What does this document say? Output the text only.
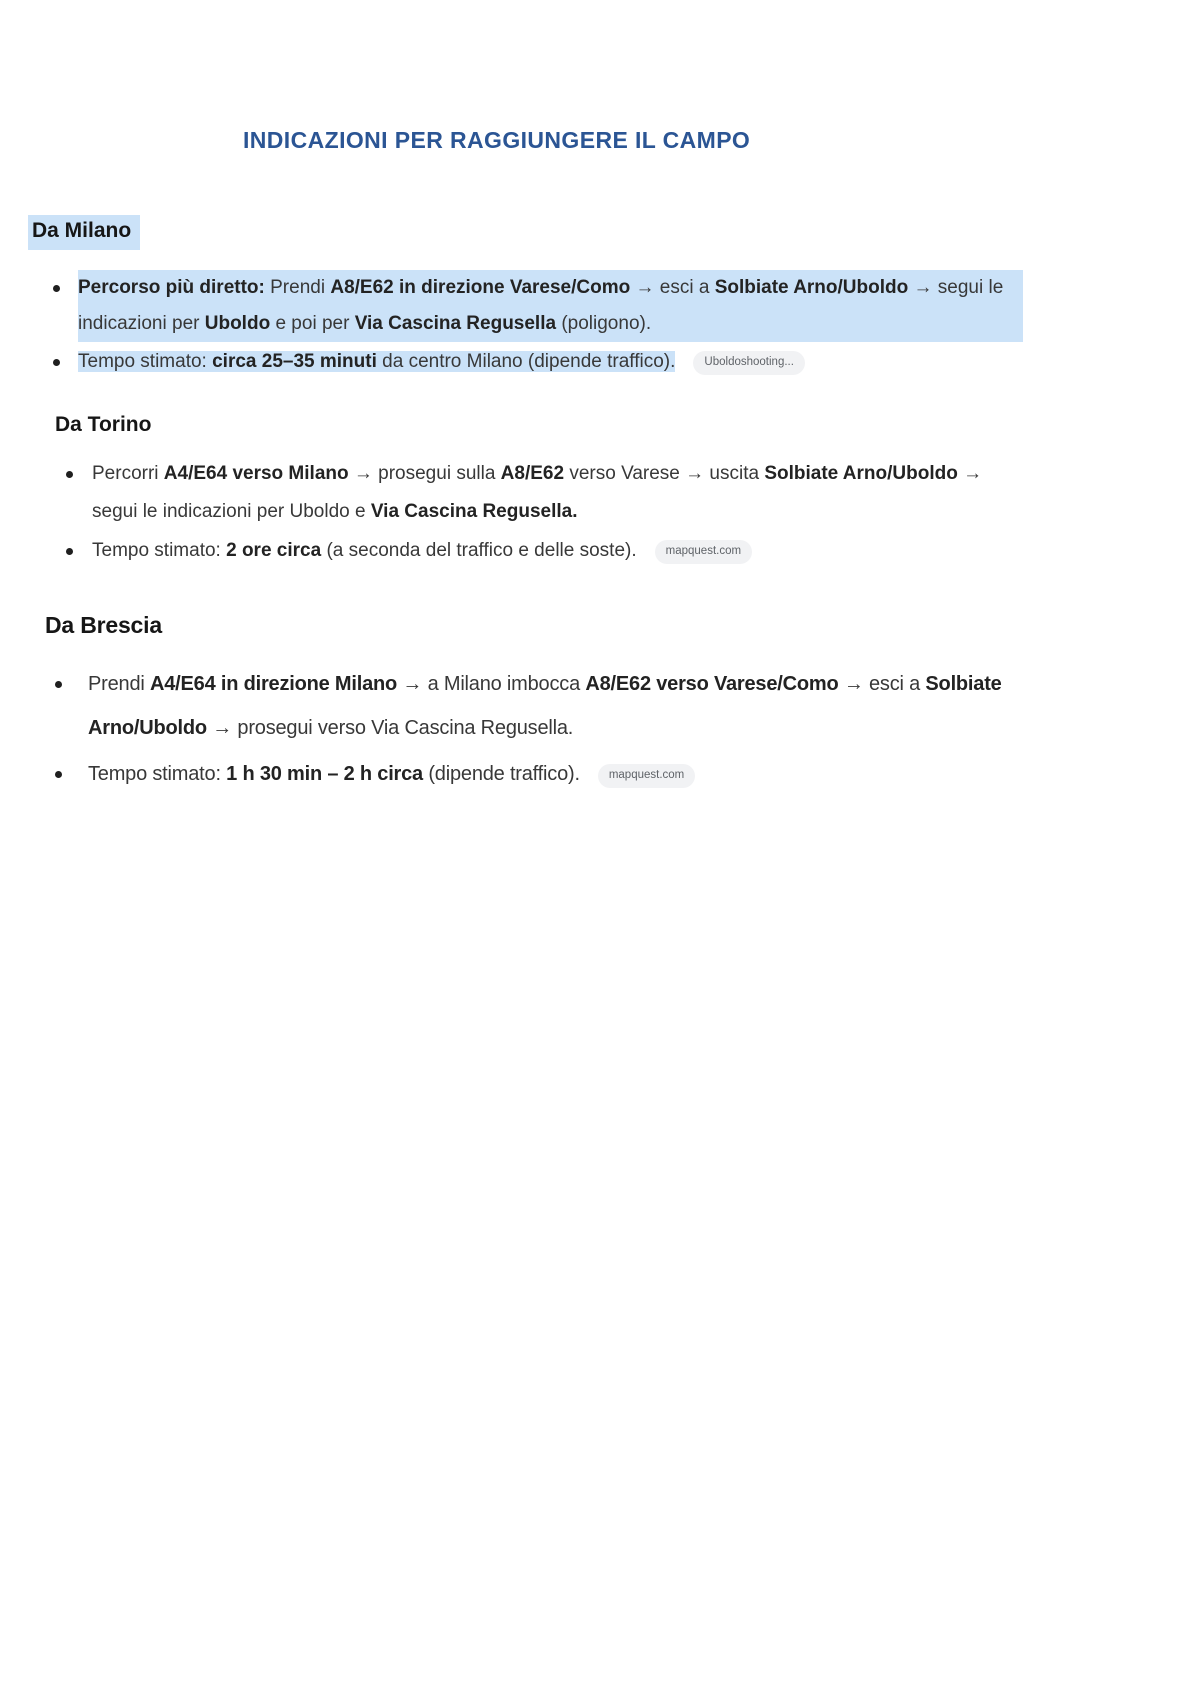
INDICAZIONI PER RAGGIUNGERE IL CAMPO
Da Milano
Percorso più diretto: Prendi A8/E62 in direzione Varese/Como → esci a Solbiate Arno/Uboldo → segui le indicazioni per Uboldo e poi per Via Cascina Regusella (poligono).
Tempo stimato: circa 25–35 minuti da centro Milano (dipende traffico).	Uboldoshooting...
Da Torino
Percorri A4/E64 verso Milano → prosegui sulla A8/E62 verso Varese → uscita Solbiate Arno/Uboldo → segui le indicazioni per Uboldo e Via Cascina Regusella.
Tempo stimato: 2 ore circa (a seconda del traffico e delle soste).	mapquest.com
Da Brescia
Prendi A4/E64 in direzione Milano → a Milano imbocca A8/E62 verso Varese/Como → esci a Solbiate Arno/Uboldo → prosegui verso Via Cascina Regusella.
Tempo stimato: 1 h 30 min – 2 h circa (dipende traffico).	mapquest.com
